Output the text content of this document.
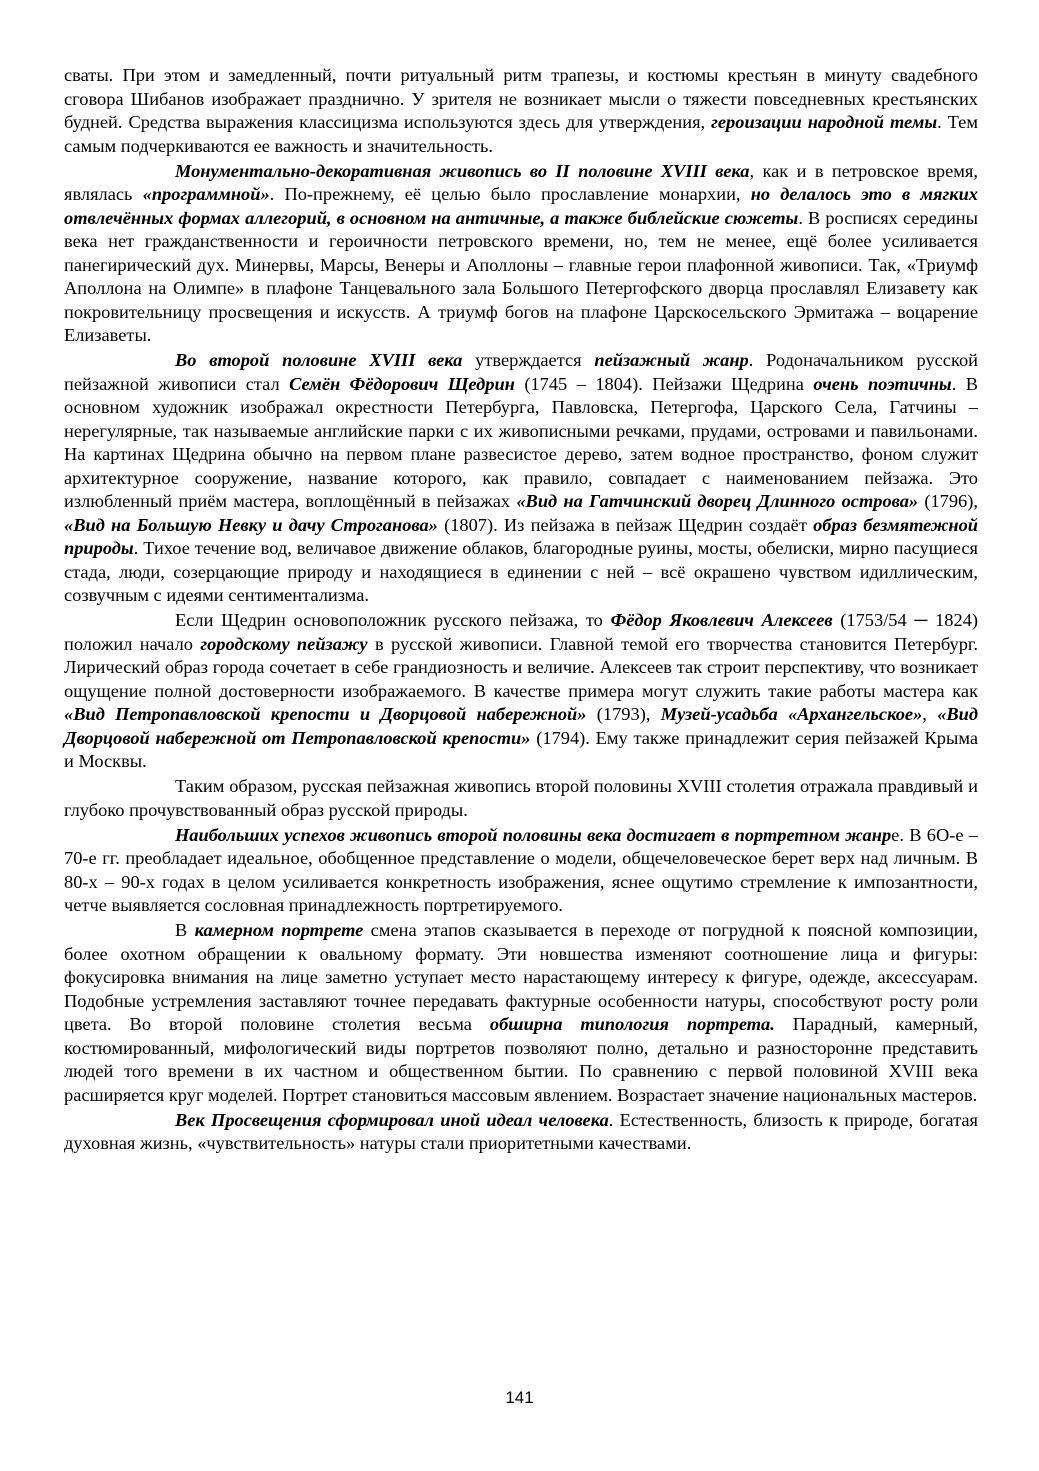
сваты. При этом и замедленный, почти ритуальный ритм трапезы, и костюмы крестьян в минуту свадебного сговора Шибанов изображает празднично. У зрителя не возникает мысли о тяжести повседневных крестьянских будней. Средства выражения классицизма используются здесь для утверждения, героизации народной темы. Тем самым подчеркиваются ее важность и значительность.

Монументально-декоративная живопись во II половине XVIII века, как и в петровское время, являлась «программной». По-прежнему, её целью было прославление монархии, но делалось это в мягких отвлечённых формах аллегорий, в основном на античные, а также библейские сюжеты. В росписях середины века нет гражданственности и героичности петровского времени, но, тем не менее, ещё более усиливается панегирический дух. Минервы, Марсы, Венеры и Аполлоны – главные герои плафонной живописи. Так, «Триумф Аполлона на Олимпе» в плафоне Танцевального зала Большого Петергофского дворца прославлял Елизавету как покровительницу просвещения и искусств. А триумф богов на плафоне Царскосельского Эрмитажа – воцарение Елизаветы.

Во второй половине XVIII века утверждается пейзажный жанр. Родоначальником русской пейзажной живописи стал Семён Фёдорович Щедрин (1745 – 1804). Пейзажи Щедрина очень поэтичны. В основном художник изображал окрестности Петербурга, Павловска, Петергофа, Царского Села, Гатчины – нерегулярные, так называемые английские парки с их живописными речками, прудами, островами и павильонами. На картинах Щедрина обычно на первом плане развесистое дерево, затем водное пространство, фоном служит архитектурное сооружение, название которого, как правило, совпадает с наименованием пейзажа. Это излюбленный приём мастера, воплощённый в пейзажах «Вид на Гатчинский дворец Длинного острова» (1796), «Вид на Большую Невку и дачу Строганова» (1807). Из пейзажа в пейзаж Щедрин создаёт образ безмятежной природы. Тихое течение вод, величавое движение облаков, благородные руины, мосты, обелиски, мирно пасущиеся стада, люди, созерцающие природу и находящиеся в единении с ней – всё окрашено чувством идиллическим, созвучным с идеями сентиментализма.

Если Щедрин основоположник русского пейзажа, то Фёдор Яковлевич Алексеев (1753/54 ─ 1824) положил начало городскому пейзажу в русской живописи. Главной темой его творчества становится Петербург. Лирический образ города сочетает в себе грандиозность и величие. Алексеев так строит перспективу, что возникает ощущение полной достоверности изображаемого. В качестве примера могут служить такие работы мастера как «Вид Петропавловской крепости и Дворцовой набережной» (1793), Музей-усадьба «Архангельское», «Вид Дворцовой набережной от Петропавловской крепости» (1794). Ему также принадлежит серия пейзажей Крыма и Москвы.

Таким образом, русская пейзажная живопись второй половины XVIII столетия отражала правдивый и глубоко прочувствованный образ русской природы.

Наибольших успехов живопись второй половины века достигает в портретном жанре. В 6О-е –70-е гг. преобладает идеальное, обобщенное представление о модели, общечеловеческое берет верх над личным. В 80-х – 90-х годах в целом усиливается конкретность изображения, яснее ощутимо стремление к импозантности, четче выявляется сословная принадлежность портретируемого.

В камерном портрете смена этапов сказывается в переходе от погрудной к поясной композиции, более охотном обращении к овальному формату. Эти новшества изменяют соотношение лица и фигуры: фокусировка внимания на лице заметно уступает место нарастающему интересу к фигуре, одежде, аксессуарам. Подобные устремления заставляют точнее передавать фактурные особенности натуры, способствуют росту роли цвета. Во второй половине столетия весьма обширна типология портрета. Парадный, камерный, костюмированный, мифологический виды портретов позволяют полно, детально и разносторонне представить людей того времени в их частном и общественном бытии. По сравнению с первой половиной XVIII века расширяется круг моделей. Портрет становиться массовым явлением. Возрастает значение национальных мастеров.

Век Просвещения сформировал иной идеал человека. Естественность, близость к природе, богатая духовная жизнь, «чувствительность» натуры стали приоритетными качествами.

141
